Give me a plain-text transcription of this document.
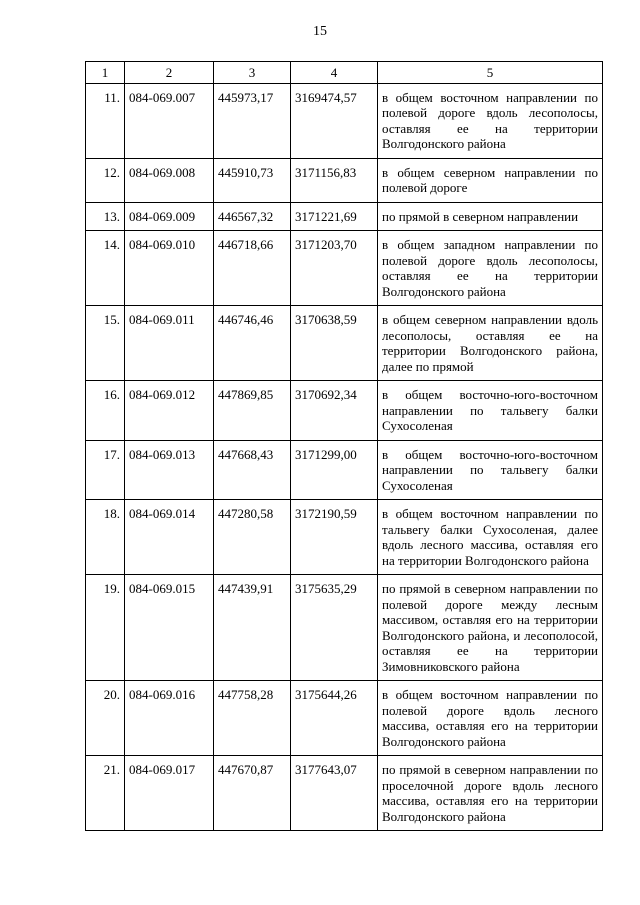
15
1	2	3	4	5
11.	084-069.007	445973,17	3169474,57	в общем восточном направлении по полевой дороге вдоль лесополосы, оставляя ее на территории Волгодонского района
12.	084-069.008	445910,73	3171156,83	в общем северном направлении по полевой дороге
13.	084-069.009	446567,32	3171221,69	по прямой в северном направлении
14.	084-069.010	446718,66	3171203,70	в общем западном направлении по полевой дороге вдоль лесополосы, оставляя ее на территории Волгодонского района
15.	084-069.011	446746,46	3170638,59	в общем северном направлении вдоль лесополосы, оставляя ее на территории Волгодонского района, далее по прямой
16.	084-069.012	447869,85	3170692,34	в общем восточно-юго-восточном направлении по тальвегу балки Сухосоленая
17.	084-069.013	447668,43	3171299,00	в общем восточно-юго-восточном направлении по тальвегу балки Сухосоленая
18.	084-069.014	447280,58	3172190,59	в общем восточном направлении по тальвегу балки Сухосоленая, далее вдоль лесного массива, оставляя его на территории Волгодонского района
19.	084-069.015	447439,91	3175635,29	по прямой в северном направлении по полевой дороге между лесным массивом, оставляя его на территории Волгодонского района, и лесополосой, оставляя ее на территории Зимовниковского района
20.	084-069.016	447758,28	3175644,26	в общем восточном направлении по полевой дороге вдоль лесного массива, оставляя его на территории Волгодонского района
21.	084-069.017	447670,87	3177643,07	по прямой в северном направлении по проселочной дороге вдоль лесного массива, оставляя его на территории Волгодонского района
